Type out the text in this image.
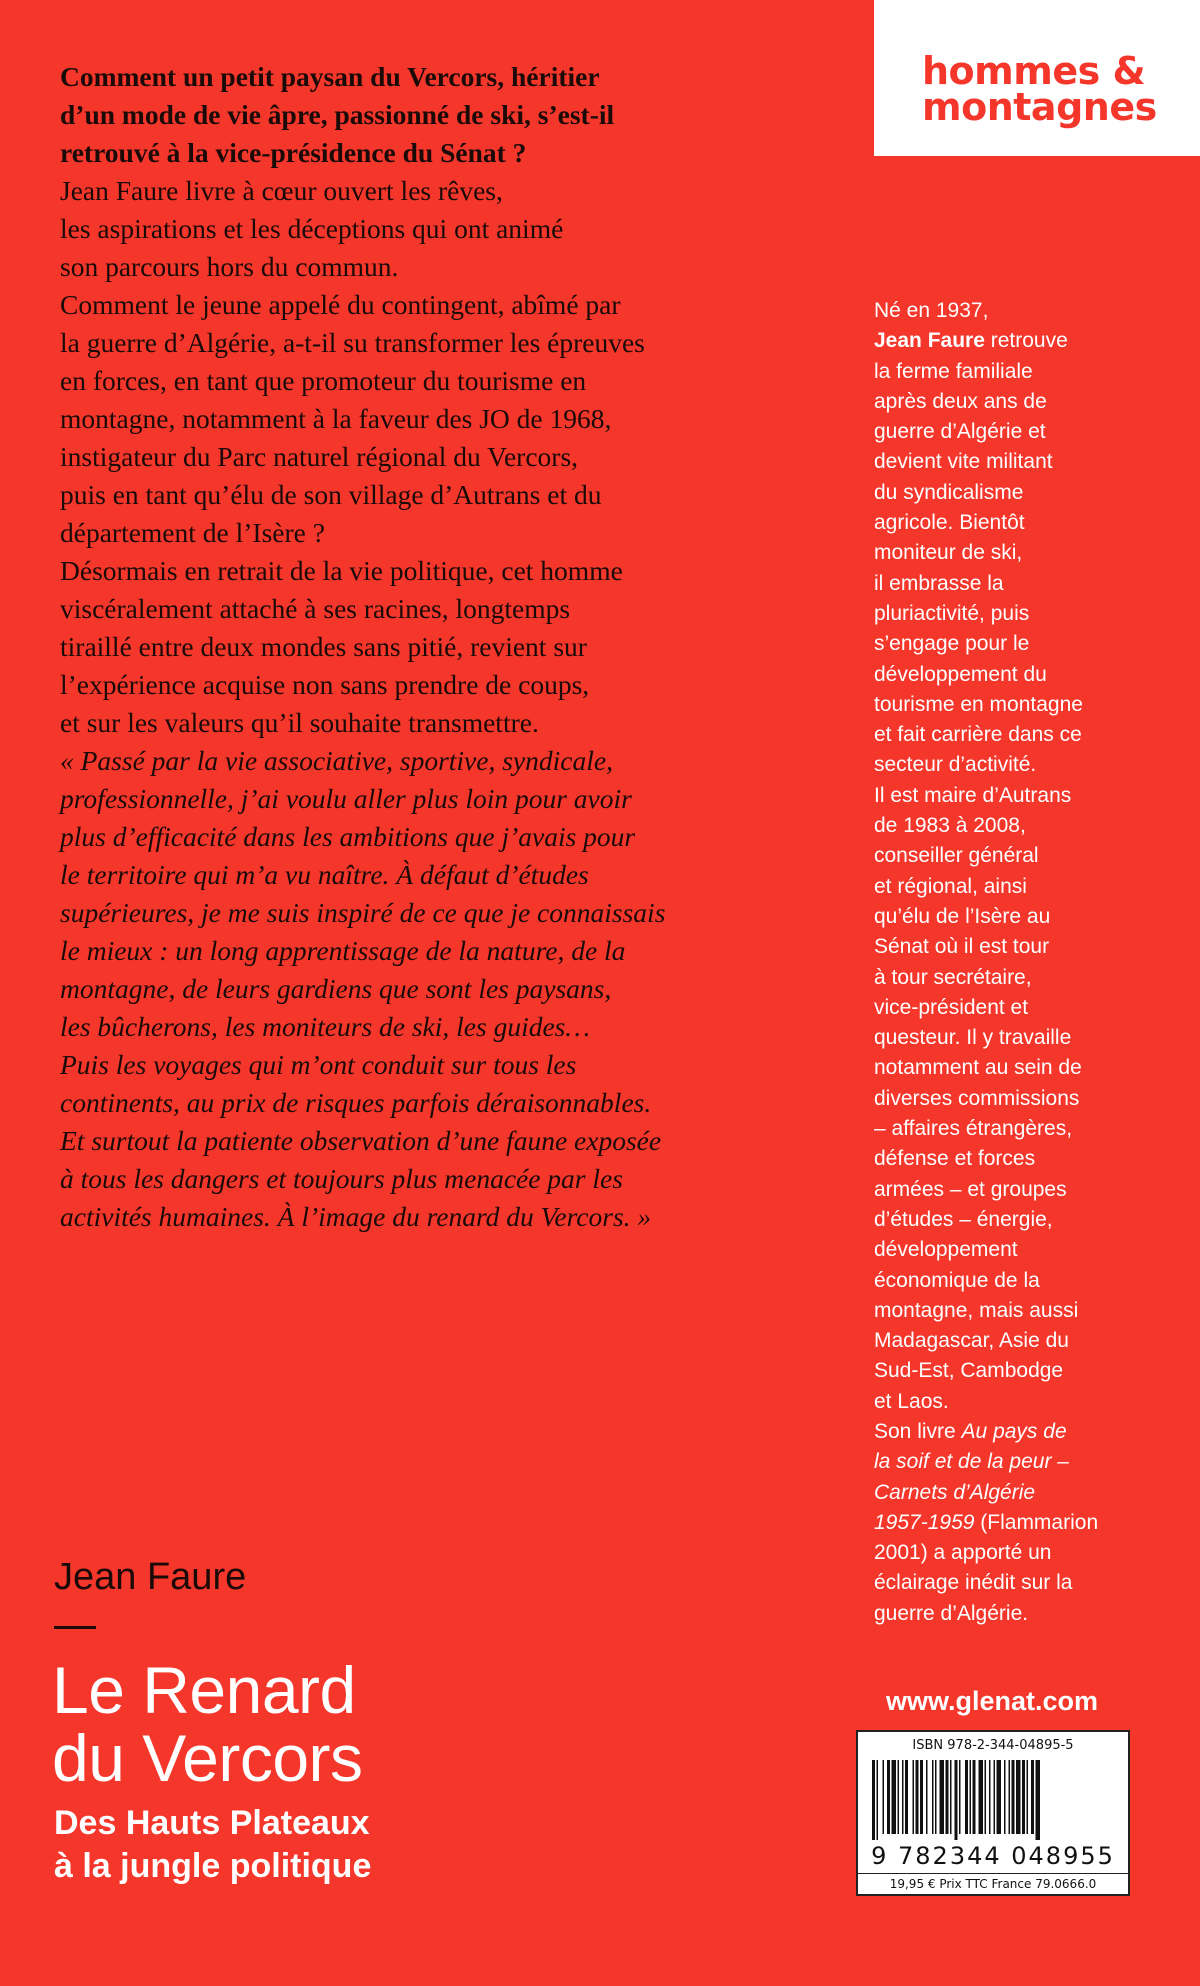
hommes &
montagnes
Comment un petit paysan du Vercors, héritier
d’un mode de vie âpre, passionné de ski, s’est-il
retrouvé à la vice-présidence du Sénat ?
Jean Faure livre à cœur ouvert les rêves,
les aspirations et les déceptions qui ont animé
son parcours hors du commun.
Comment le jeune appelé du contingent, abîmé par
la guerre d’Algérie, a-t-il su transformer les épreuves
en forces, en tant que promoteur du tourisme en
montagne, notamment à la faveur des JO de 1968,
instigateur du Parc naturel régional du Vercors,
puis en tant qu’élu de son village d’Autrans et du
département de l’Isère ?
Désormais en retrait de la vie politique, cet homme
viscéralement attaché à ses racines, longtemps
tiraillé entre deux mondes sans pitié, revient sur
l’expérience acquise non sans prendre de coups,
et sur les valeurs qu’il souhaite transmettre.
« Passé par la vie associative, sportive, syndicale,
professionnelle, j’ai voulu aller plus loin pour avoir
plus d’efficacité dans les ambitions que j’avais pour
le territoire qui m’a vu naître. À défaut d’études
supérieures, je me suis inspiré de ce que je connaissais
le mieux : un long apprentissage de la nature, de la
montagne, de leurs gardiens que sont les paysans,
les bûcherons, les moniteurs de ski, les guides…
Puis les voyages qui m’ont conduit sur tous les
continents, au prix de risques parfois déraisonnables.
Et surtout la patiente observation d’une faune exposée
à tous les dangers et toujours plus menacée par les
activités humaines. À l’image du renard du Vercors. »
Jean Faure
Le Renard
du Vercors
Des Hauts Plateaux
à la jungle politique
Né en 1937,
Jean Faure retrouve
la ferme familiale
après deux ans de
guerre d’Algérie et
devient vite militant
du syndicalisme
agricole. Bientôt
moniteur de ski,
il embrasse la
pluriactivité, puis
s’engage pour le
développement du
tourisme en montagne
et fait carrière dans ce
secteur d’activité.
Il est maire d’Autrans
de 1983 à 2008,
conseiller général
et régional, ainsi
qu’élu de l’Isère au
Sénat où il est tour
à tour secrétaire,
vice-président et
questeur. Il y travaille
notamment au sein de
diverses commissions
– affaires étrangères,
défense et forces
armées – et groupes
d’études – énergie,
développement
économique de la
montagne, mais aussi
Madagascar, Asie du
Sud-Est, Cambodge
et Laos.
Son livre Au pays de
la soif et de la peur –
Carnets d’Algérie
1957-1959 (Flammarion
2001) a apporté un
éclairage inédit sur la
guerre d’Algérie.
www.glenat.com
ISBN 978-2-344-04895-5
9 782344 048955
19,95 € Prix TTC France 79.0666.0
